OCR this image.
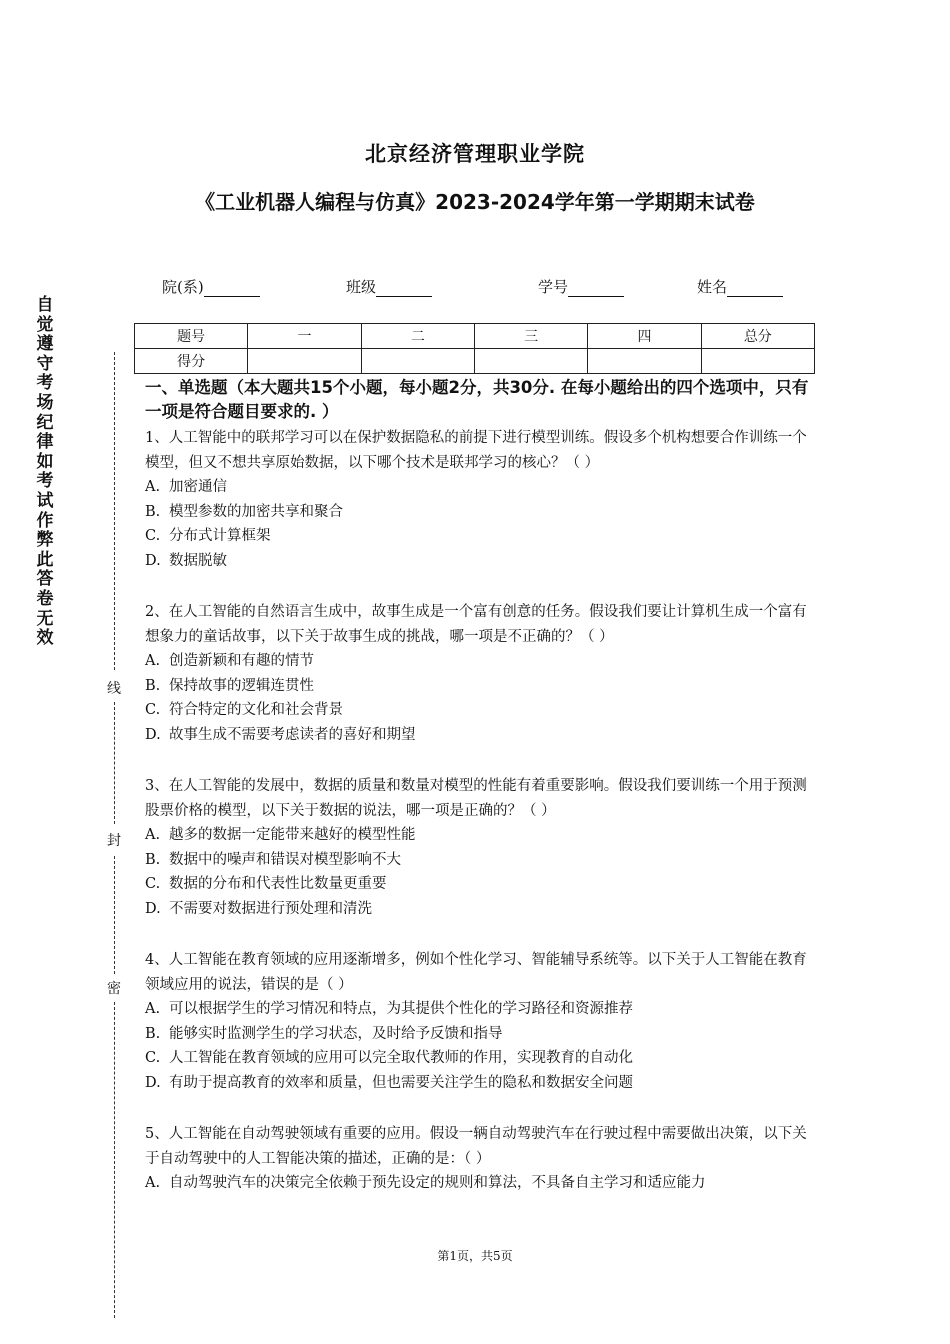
北京经济管理职业学院
《工业机器人编程与仿真》2023-2024学年第一学期期末试卷
院(系)	班级	学号	姓名
题号	一	二	三	四	总分
得分					
自
觉
遵
守
考
场
纪
律
如
考
试
作
弊
此
答
卷
无
效
线
封
密
一、单选题（本大题共15个小题，每小题2分，共30分. 在每小题给出的四个选项中，只有一项是符合题目要求的. ）

1、人工智能中的联邦学习可以在保护数据隐私的前提下进行模型训练。假设多个机构想要合作训练一个模型，但又不想共享原始数据，以下哪个技术是联邦学习的核心？（ ）

A. 加密通信

B. 模型参数的加密共享和聚合

C. 分布式计算框架

D. 数据脱敏

2、在人工智能的自然语言生成中，故事生成是一个富有创意的任务。假设我们要让计算机生成一个富有想象力的童话故事，以下关于故事生成的挑战，哪一项是不正确的？（ ）

A. 创造新颖和有趣的情节

B. 保持故事的逻辑连贯性

C. 符合特定的文化和社会背景

D. 故事生成不需要考虑读者的喜好和期望

3、在人工智能的发展中，数据的质量和数量对模型的性能有着重要影响。假设我们要训练一个用于预测股票价格的模型，以下关于数据的说法，哪一项是正确的？（ ）

A. 越多的数据一定能带来越好的模型性能

B. 数据中的噪声和错误对模型影响不大

C. 数据的分布和代表性比数量更重要

D. 不需要对数据进行预处理和清洗

4、人工智能在教育领域的应用逐渐增多，例如个性化学习、智能辅导系统等。以下关于人工智能在教育领域应用的说法，错误的是（ ）

A. 可以根据学生的学习情况和特点，为其提供个性化的学习路径和资源推荐

B. 能够实时监测学生的学习状态，及时给予反馈和指导

C. 人工智能在教育领域的应用可以完全取代教师的作用，实现教育的自动化

D. 有助于提高教育的效率和质量，但也需要关注学生的隐私和数据安全问题

5、人工智能在自动驾驶领域有重要的应用。假设一辆自动驾驶汽车在行驶过程中需要做出决策，以下关于自动驾驶中的人工智能决策的描述，正确的是：（ ）

A. 自动驾驶汽车的决策完全依赖于预先设定的规则和算法，不具备自主学习和适应能力

第1页，共5页
